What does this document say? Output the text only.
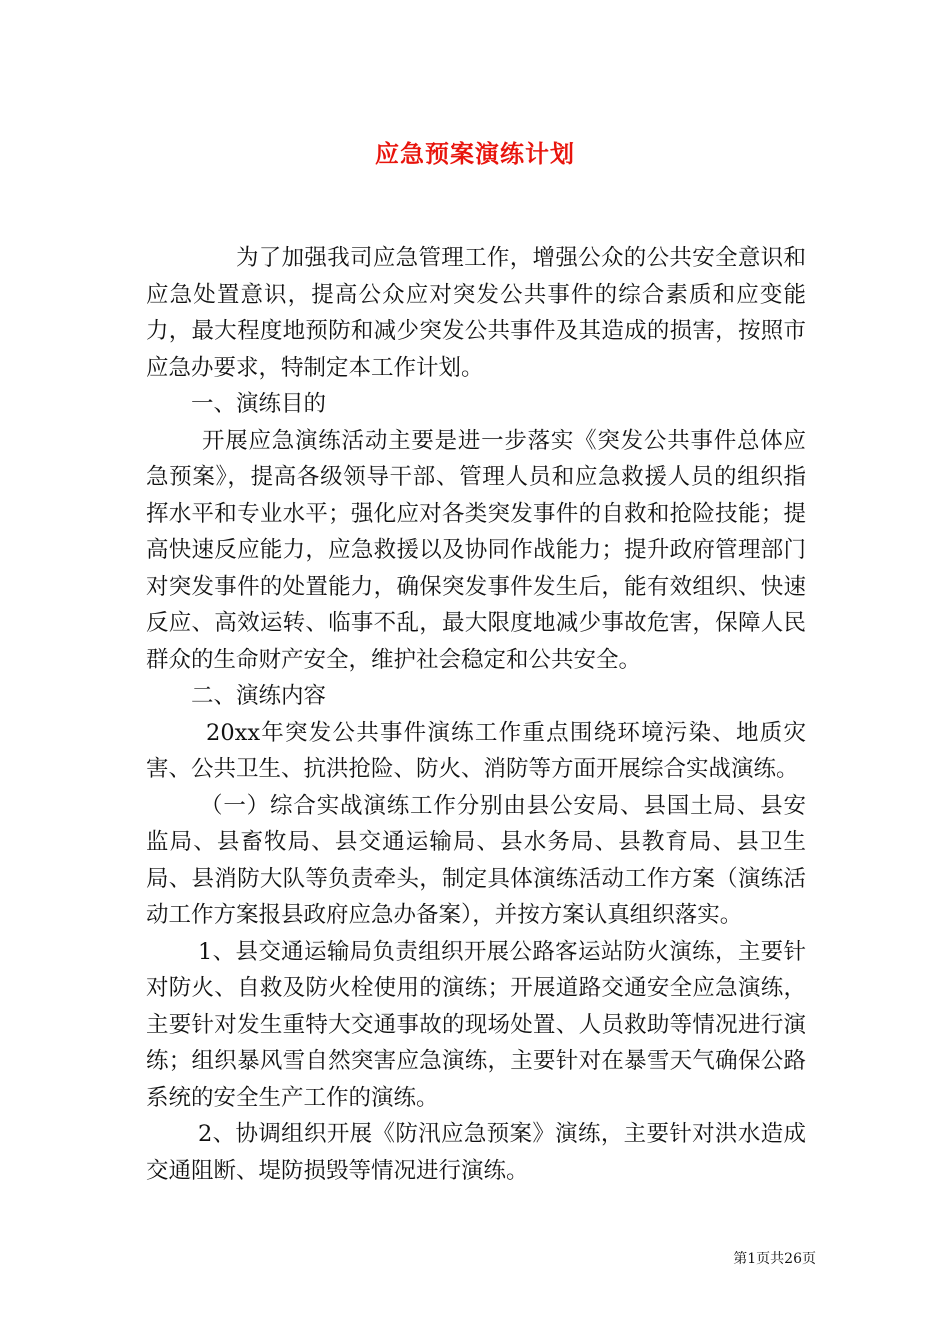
应急预案演练计划

为了加强我司应急管理工作，增强公众的公共安全意识和应急处置意识，提高公众应对突发公共事件的综合素质和应变能力，最大程度地预防和减少突发公共事件及其造成的损害，按照市应急办要求，特制定本工作计划。

一、演练目的

开展应急演练活动主要是进一步落实《突发公共事件总体应急预案》，提高各级领导干部、管理人员和应急救援人员的组织指挥水平和专业水平；强化应对各类突发事件的自救和抢险技能；提高快速反应能力，应急救援以及协同作战能力；提升政府管理部门对突发事件的处置能力，确保突发事件发生后，能有效组织、快速反应、高效运转、临事不乱，最大限度地减少事故危害，保障人民群众的生命财产安全，维护社会稳定和公共安全。

二、演练内容

20xx年突发公共事件演练工作重点围绕环境污染、地质灾害、公共卫生、抗洪抢险、防火、消防等方面开展综合实战演练。

（一）综合实战演练工作分别由县公安局、县国土局、县安监局、县畜牧局、县交通运输局、县水务局、县教育局、县卫生局、县消防大队等负责牵头，制定具体演练活动工作方案（演练活动工作方案报县政府应急办备案），并按方案认真组织落实。

1、县交通运输局负责组织开展公路客运站防火演练，主要针对防火、自救及防火栓使用的演练；开展道路交通安全应急演练，主要针对发生重特大交通事故的现场处置、人员救助等情况进行演练；组织暴风雪自然突害应急演练，主要针对在暴雪天气确保公路系统的安全生产工作的演练。

2、协调组织开展《防汛应急预案》演练，主要针对洪水造成交通阻断、堤防损毁等情况进行演练。

第1页共26页
